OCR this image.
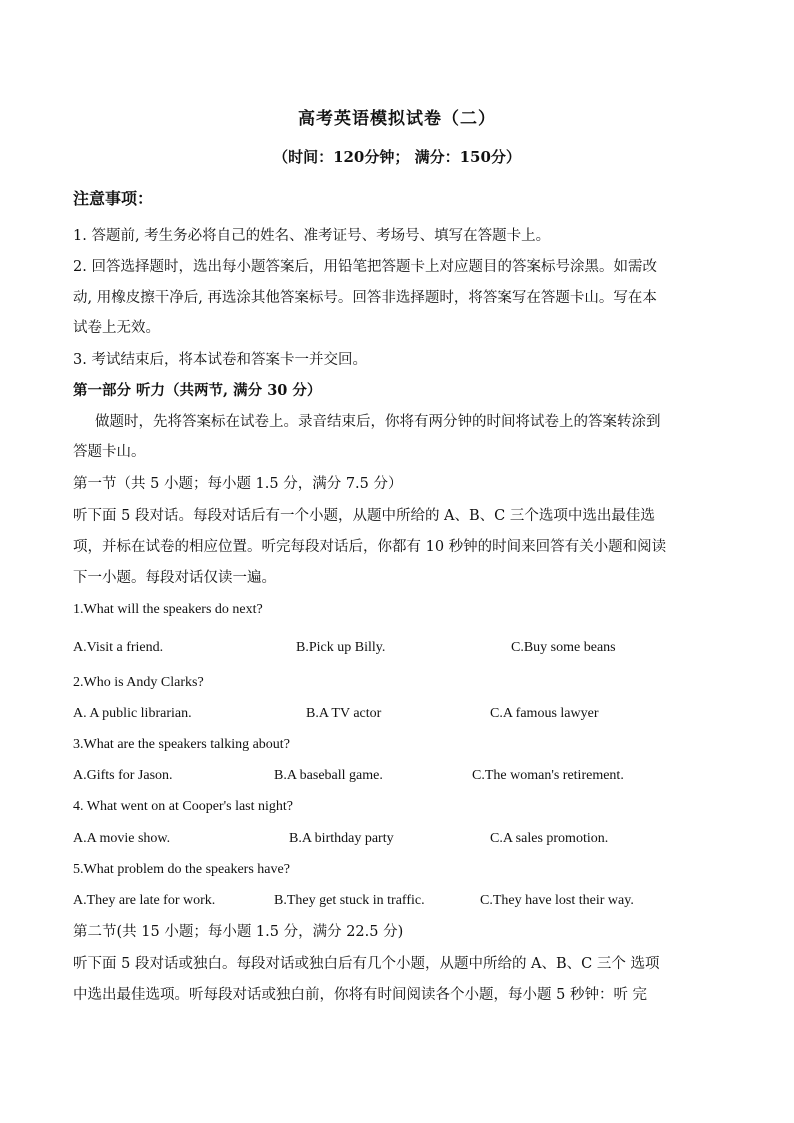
高考英语模拟试卷（二）
（时间：120分钟； 满分：150分）
注意事项：
1. 答题前, 考生务必将自己的姓名、准考证号、考场号、填写在答题卡上。
2. 回答选择题时，选出每小题答案后，用铅笔把答题卡上对应题目的答案标号涂黑。如需改
动, 用橡皮擦干净后, 再选涂其他答案标号。回答非选择题时，将答案写在答题卡山。写在本
试卷上无效。
3. 考试结束后，将本试卷和答案卡一并交回。
第一部分 听力（共两节, 满分 30 分）
做题时，先将答案标在试卷上。录音结束后，你将有两分钟的时间将试卷上的答案转涂到
答题卡山。
第一节（共 5 小题；每小题 1.5 分，满分 7.5 分）
听下面 5 段对话。每段对话后有一个小题，从题中所给的 A、B、C 三个选项中选出最佳选
项，并标在试卷的相应位置。听完每段对话后，你都有 10 秒钟的时间来回答有关小题和阅读
下一小题。每段对话仅读一遍。
1.What will the speakers do next?
A.Visit a friend.	B.Pick up Billy.	C.Buy some beans
2.Who is Andy Clarks?
A. A public librarian.	B.A TV actor	C.A famous lawyer
3.What are the speakers talking about?
A.Gifts for Jason.	B.A baseball game.	C.The woman's retirement.
4. What went on at Cooper's last night?
A.A movie show.	B.A birthday party	C.A sales promotion.
5.What problem do the speakers have?
A.They are late for work.	B.They get stuck in traffic.	C.They have lost their way.
第二节(共 15 小题；每小题 1.5 分，满分 22.5 分)
听下面 5 段对话或独白。每段对话或独白后有几个小题，从题中所给的 A、B、C 三个 选项
中选出最佳选项。听每段对话或独白前，你将有时间阅读各个小题，每小题 5 秒钟：听 完
